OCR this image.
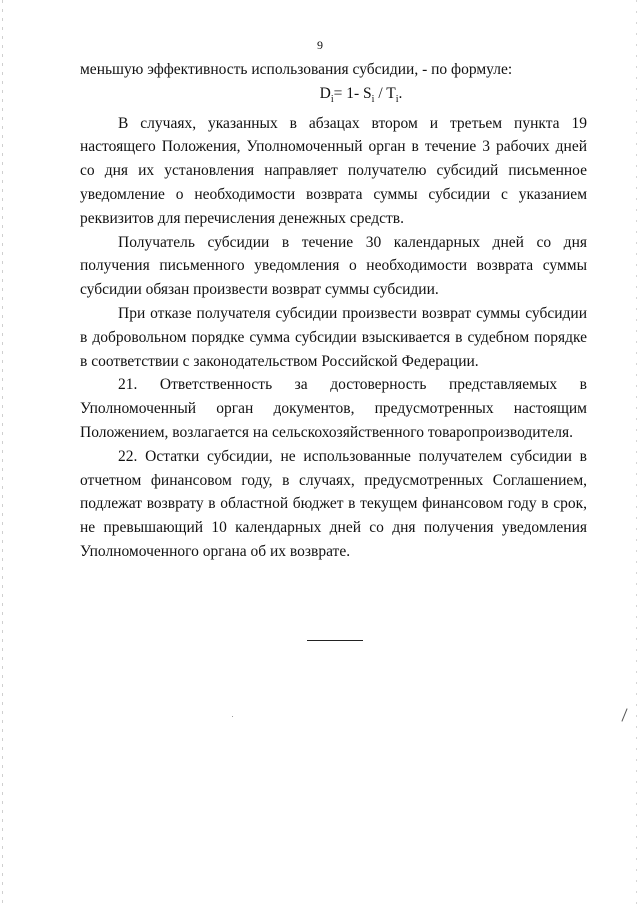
9

меньшую эффективность использования субсидии, - по формуле:

$D_i= 1-$ $S_i / T_i$.

В случаях, указанных в абзацах втором и третьем пункта 19 настоящего Положения, Уполномоченный орган в течение 3 рабочих дней со дня их установления направляет получателю субсидий письменное уведомление о необходимости возврата суммы субсидии с указанием реквизитов для перечисления денежных средств.

Получатель субсидии в течение 30 календарных дней со дня получения письменного уведомления о необходимости возврата суммы субсидии обязан произвести возврат суммы субсидии.

При отказе получателя субсидии произвести возврат суммы субсидии в добровольном порядке сумма субсидии взыскивается в судебном порядке в соответствии с законодательством Российской Федерации.

21. Ответственность за достоверность представляемых в Уполномоченный орган документов, предусмотренных настоящим Положением, возлагается на сельскохозяйственного товаропроизводителя.

22. Остатки субсидии, не использованные получателем субсидии в отчетном финансовом году, в случаях, предусмотренных Соглашением, подлежат возврату в областной бюджет в текущем финансовом году в срок, не превышающий 10 календарных дней со дня получения уведомления Уполномоченного органа об их возврате.
